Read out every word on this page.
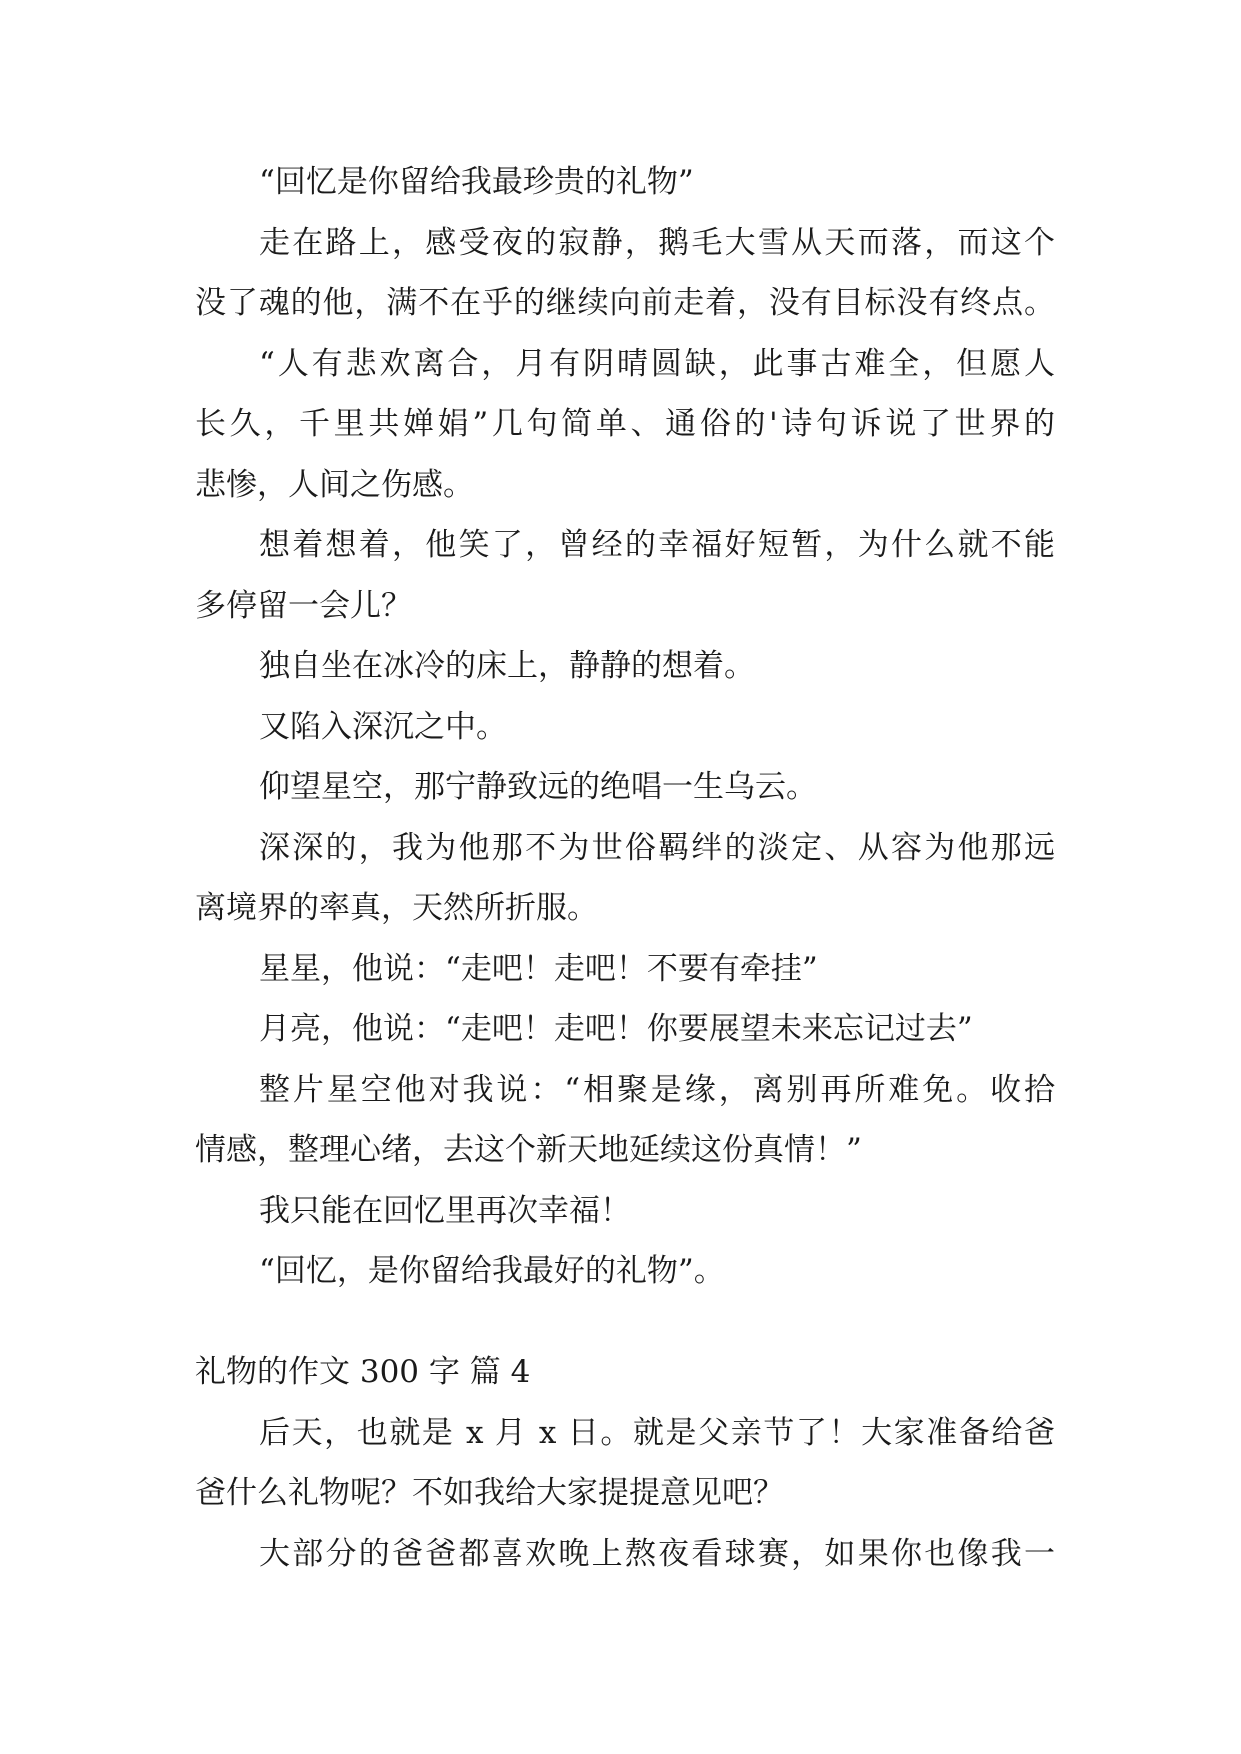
“回忆是你留给我最珍贵的礼物”

走在路上，感受夜的寂静，鹅毛大雪从天而落，而这个

没了魂的他，满不在乎的继续向前走着，没有目标没有终点。

“人有悲欢离合，月有阴晴圆缺，此事古难全，但愿人

长久，千里共婵娟”几句简单、通俗的'诗句诉说了世界的

悲惨，人间之伤感。

想着想着，他笑了，曾经的幸福好短暂，为什么就不能

多停留一会儿？

独自坐在冰冷的床上，静静的想着。

又陷入深沉之中。

仰望星空，那宁静致远的绝唱一生乌云。

深深的，我为他那不为世俗羁绊的淡定、从容为他那远

离境界的率真，天然所折服。

星星，他说：“走吧！走吧！不要有牵挂”

月亮，他说：“走吧！走吧！你要展望未来忘记过去”

整片星空他对我说：“相聚是缘，离别再所难免。收拾

情感，整理心绪，去这个新天地延续这份真情！”

我只能在回忆里再次幸福！

“回忆，是你留给我最好的礼物”。

礼物的作文 300 字 篇 4

后天，也就是 x 月 x 日。就是父亲节了！大家准备给爸

爸什么礼物呢？不如我给大家提提意见吧？

大部分的爸爸都喜欢晚上熬夜看球赛，如果你也像我一
